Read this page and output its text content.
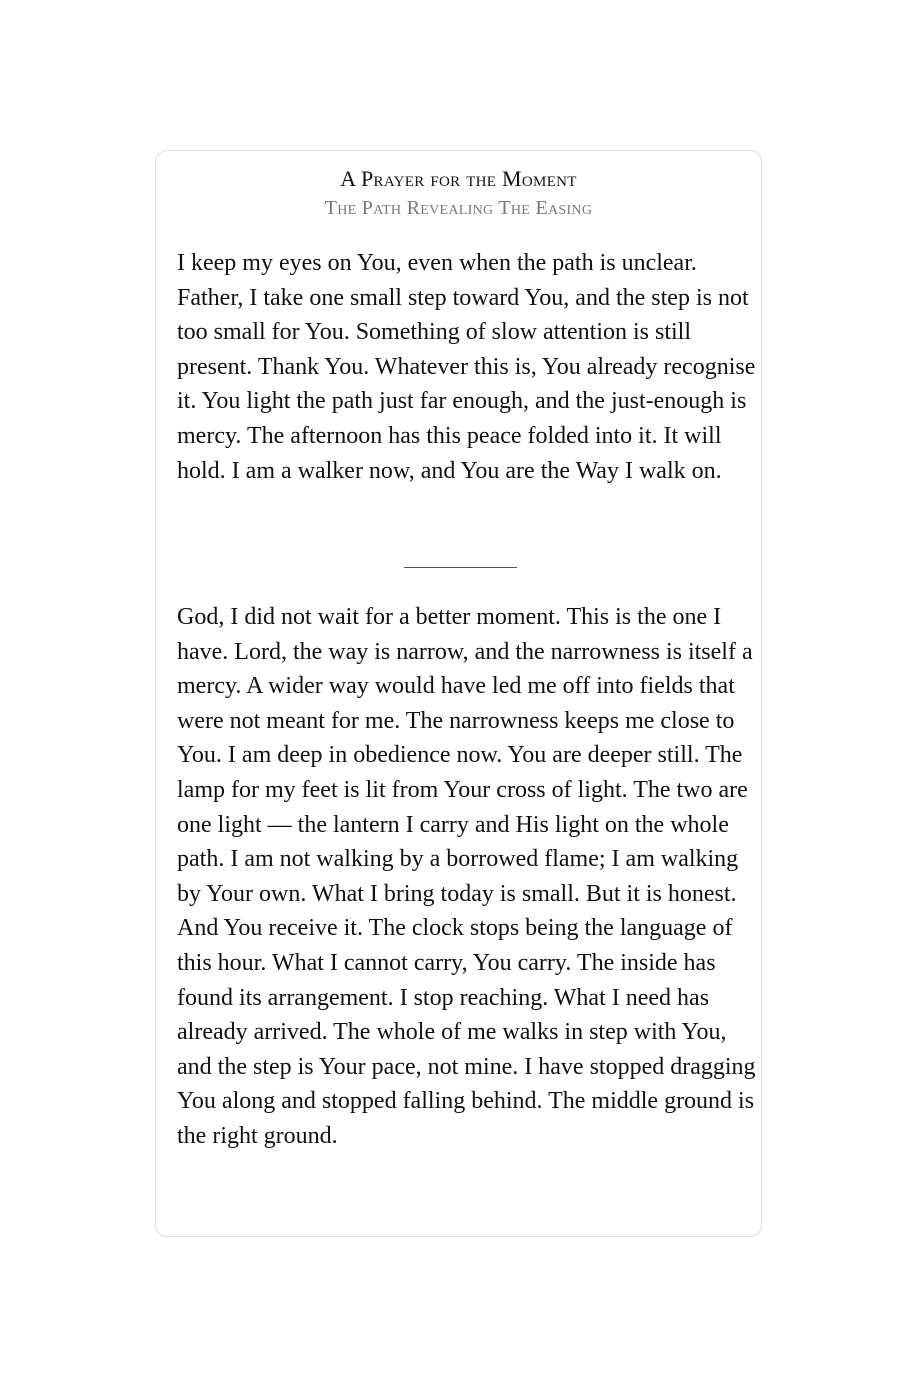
A Prayer for the Moment
The Path Revealing The Easing

I keep my eyes on You, even when the path is unclear. Father, I take one small step toward You, and the step is not too small for You. Something of slow attention is still present. Thank You. Whatever this is, You already recognise it. You light the path just far enough, and the just-enough is mercy. The afternoon has this peace folded into it. It will hold. I am a walker now, and You are the Way I walk on.

God, I did not wait for a better moment. This is the one I have. Lord, the way is narrow, and the narrowness is itself a mercy. A wider way would have led me off into fields that were not meant for me. The narrowness keeps me close to You. I am deep in obedience now. You are deeper still. The lamp for my feet is lit from Your cross of light. The two are one light — the lantern I carry and His light on the whole path. I am not walking by a borrowed flame; I am walking by Your own. What I bring today is small. But it is honest. And You receive it. The clock stops being the language of this hour. What I cannot carry, You carry. The inside has found its arrangement. I stop reaching. What I need has already arrived. The whole of me walks in step with You, and the step is Your pace, not mine. I have stopped dragging You along and stopped falling behind. The middle ground is the right ground.
